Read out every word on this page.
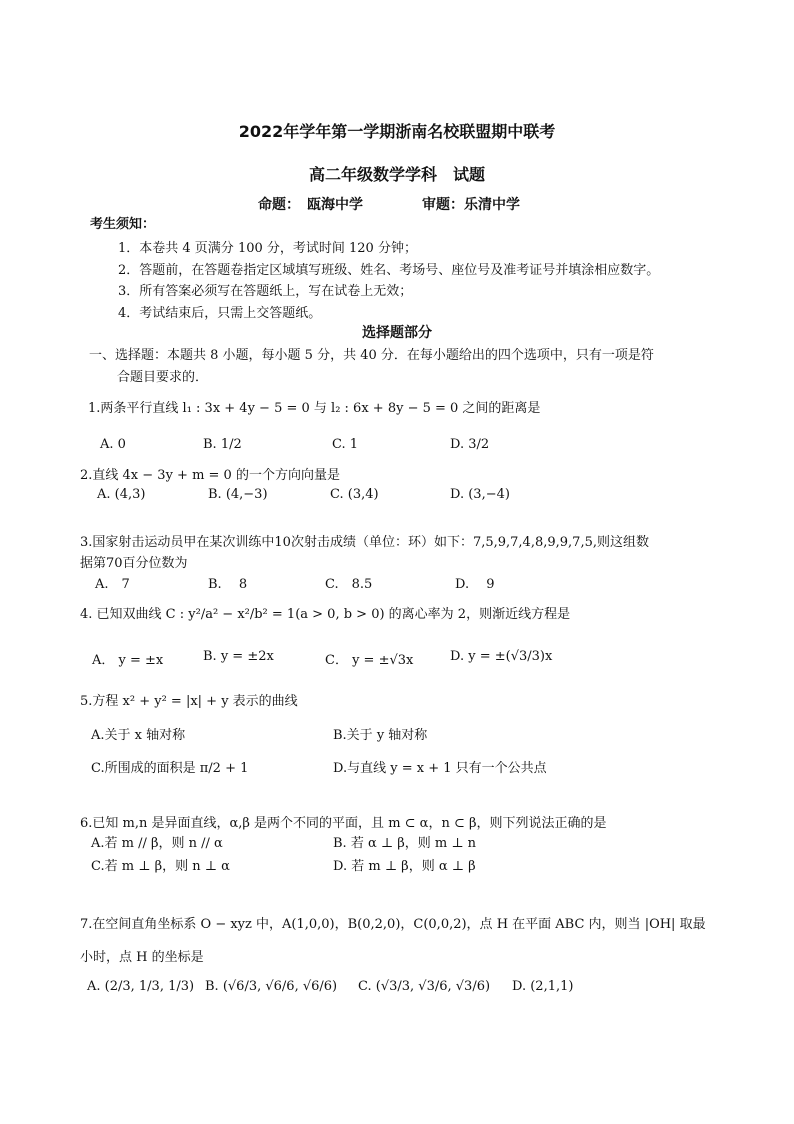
2022年学年第一学期浙南名校联盟期中联考
高二年级数学学科　试题
命题：　瓯海中学	审题：乐清中学
考生须知：
1．本卷共 4 页满分 100 分，考试时间 120 分钟；
2．答题前，在答题卷指定区域填写班级、姓名、考场号、座位号及准考证号并填涂相应数字。
3．所有答案必须写在答题纸上，写在试卷上无效；
4．考试结束后，只需上交答题纸。
选择题部分
一、选择题：本题共 8 小题，每小题 5 分，共 40 分．在每小题给出的四个选项中，只有一项是符
合题目要求的．
1.两条平行直线 l₁ : 3x + 4y − 5 = 0 与 l₂ : 6x + 8y − 5 = 0 之间的距离是
A. 0	B. 1/2	C. 1	D. 3/2
2.直线 4x − 3y + m = 0 的一个方向向量是
A. (4,3)	B. (4,−3)	C. (3,4)	D. (3,−4)
3.国家射击运动员甲在某次训练中10次射击成绩（单位：环）如下：7,5,9,7,4,8,9,9,7,5,则这组数
据第70百分位数为
A.　7	B.　 8	C.　8.5	D.　 9
4. 已知双曲线 C : y²/a² − x²/b² = 1(a > 0, b > 0) 的离心率为 2，则渐近线方程是
A． y = ±x	B. y = ±2x	C． y = ±√3x	D. y = ±(√3/3)x
5.方程 x² + y² = |x| + y 表示的曲线
A.关于 x 轴对称	B.关于 y 轴对称
C.所围成的面积是 π/2 + 1	D.与直线 y = x + 1 只有一个公共点
6.已知 m,n 是异面直线，α,β 是两个不同的平面，且 m ⊂ α，n ⊂ β，则下列说法正确的是
A.若 m // β，则 n // α	B. 若 α ⊥ β，则 m ⊥ n
C.若 m ⊥ β，则 n ⊥ α	D. 若 m ⊥ β，则 α ⊥ β
7.在空间直角坐标系 O − xyz 中，A(1,0,0)，B(0,2,0)，C(0,0,2)，点 H 在平面 ABC 内，则当 |OH| 取最
小时，点 H 的坐标是
A. (2/3, 1/3, 1/3) B. (√6/3, √6/6, √6/6) C. (√3/3, √3/6, √3/6) D. (2,1,1)
